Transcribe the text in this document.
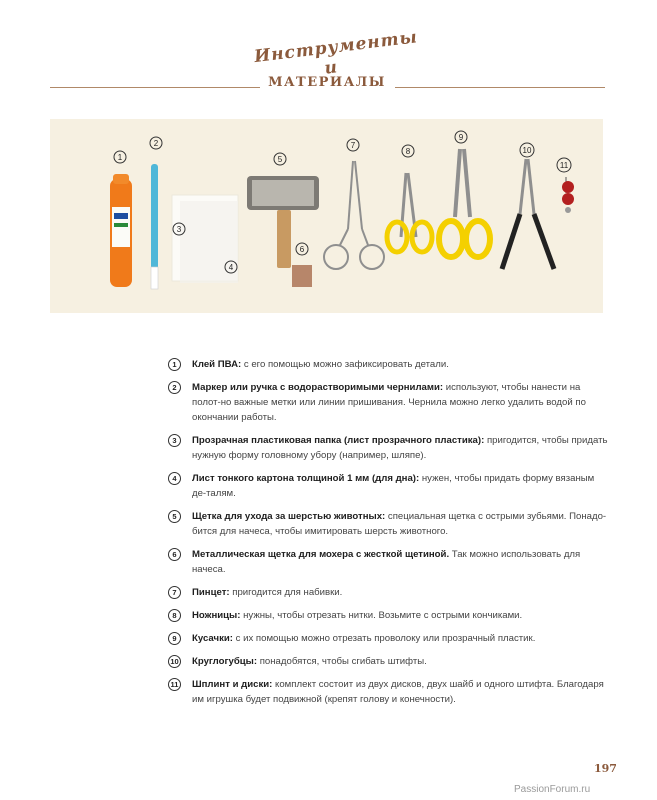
Инструменты и
МАТЕРИАЛЫ
1
2
3
4
5
6
7
8
9
10
11
1	Клей ПВА: с его помощью можно зафиксировать детали.
2	Маркер или ручка с водорастворимыми чернилами: используют, чтобы нанести на полот-но важные метки или линии пришивания. Чернила можно легко удалить водой по окончании работы.
3	Прозрачная пластиковая папка (лист прозрачного пластика): пригодится, чтобы придать нужную форму головному убору (например, шляпе).
4	Лист тонкого картона толщиной 1 мм (для дна): нужен, чтобы придать форму вязаным де-талям.
5	Щетка для ухода за шерстью животных: специальная щетка с острыми зубьями. Понадо-бится для начеса, чтобы имитировать шерсть животного.
6	Металлическая щетка для мохера с жесткой щетиной. Так можно использовать для начеса.
7	Пинцет: пригодится для набивки.
8	Ножницы: нужны, чтобы отрезать нитки. Возьмите с острыми кончиками.
9	Кусачки: с их помощью можно отрезать проволоку или прозрачный пластик.
10 Круглогубцы: понадобятся, чтобы сгибать штифты.
11 Шплинт и диски: комплект состоит из двух дисков, двух шайб и одного штифта. Благодаря им игрушка будет подвижной (крепят голову и конечности).
197
PassionForum.ru
